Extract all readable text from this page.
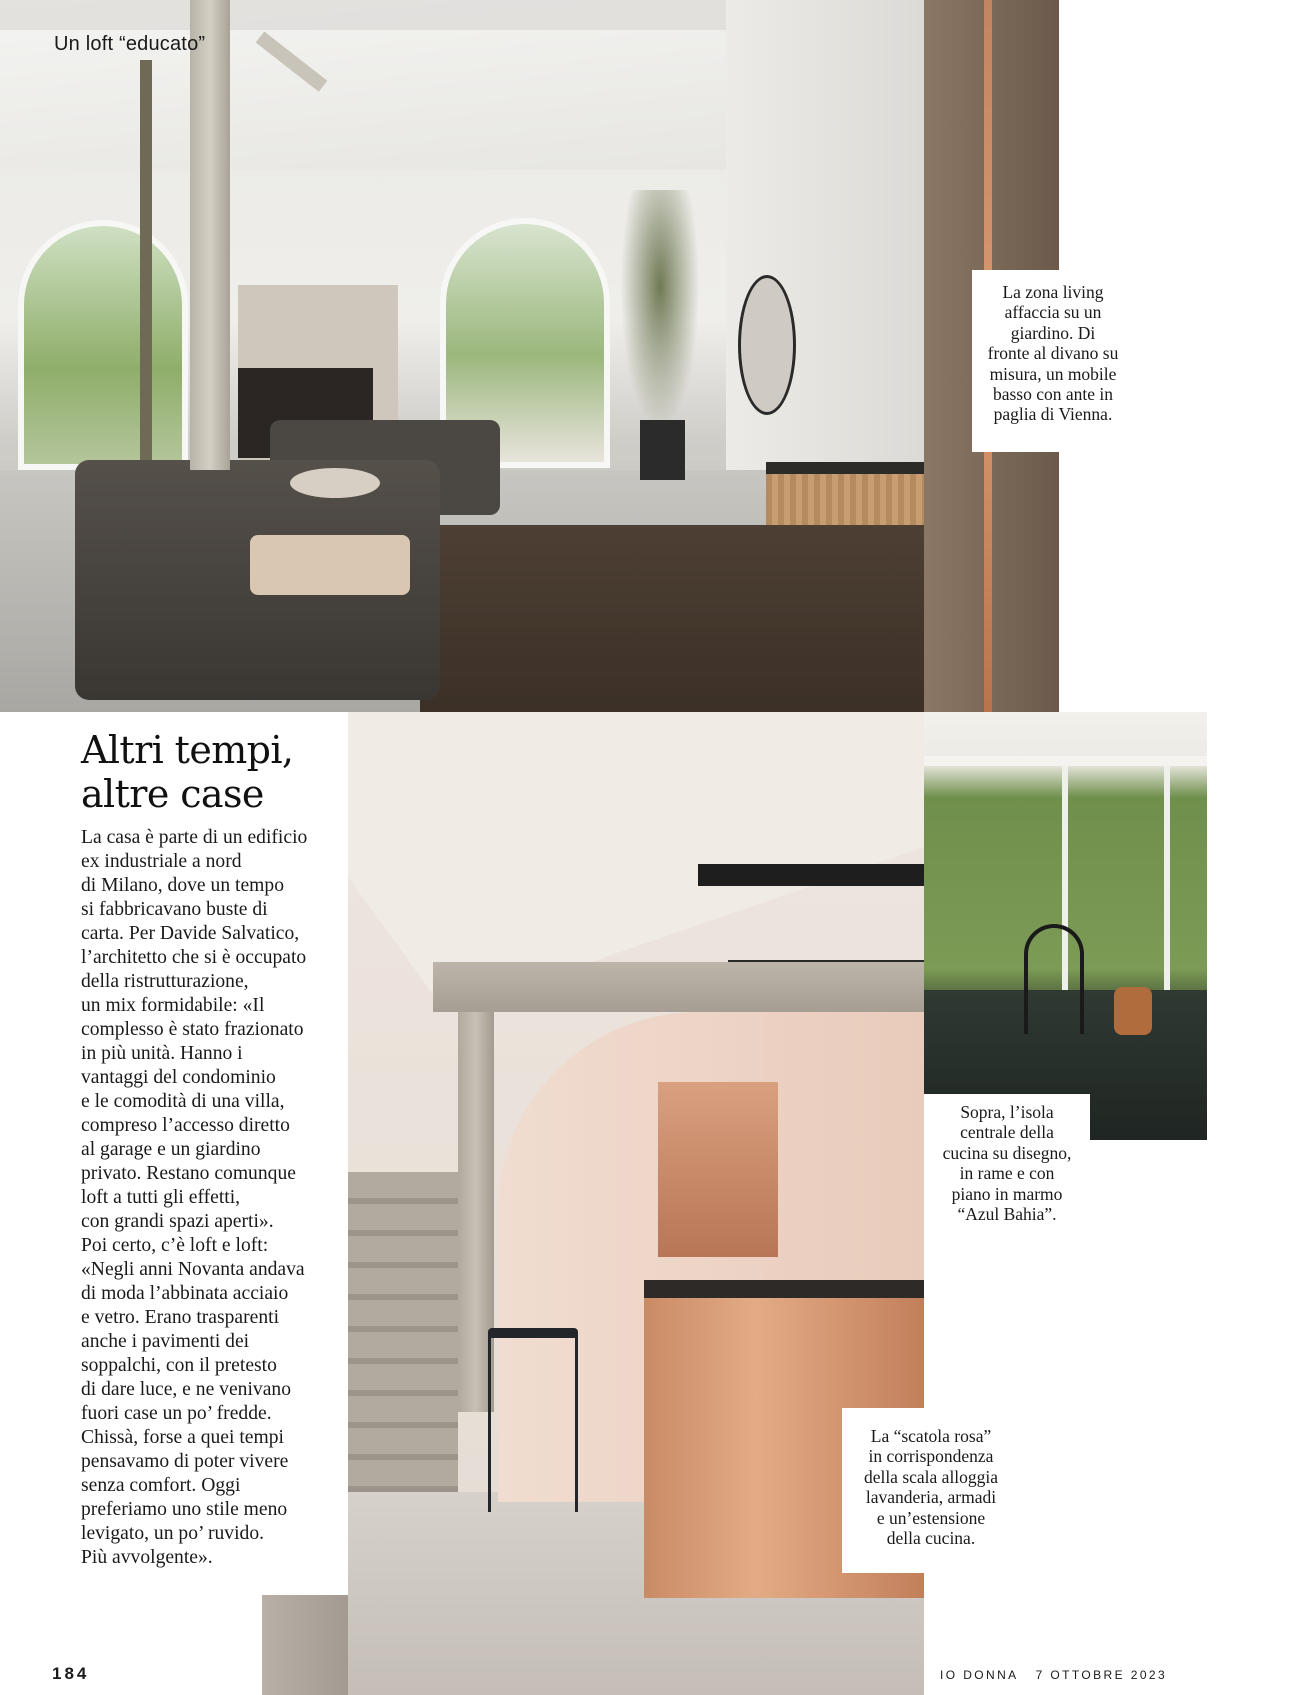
Un loft “educato”
La zona living
affaccia su un
giardino. Di
fronte al divano su
misura, un mobile
basso con ante in
paglia di Vienna.
Sopra, l’isola
centrale della
cucina su disegno,
in rame e con
piano in marmo
“Azul Bahia”.
La “scatola rosa”
in corrispondenza
della scala alloggia
lavanderia, armadi
e un’estensione
della cucina.
Altri tempi,
altre case
La casa è parte di un edificio
ex industriale a nord
di Milano, dove un tempo
si fabbricavano buste di
carta. Per Davide Salvatico,
l’architetto che si è occupato
della ristrutturazione,
un mix formidabile: «Il
complesso è stato frazionato
in più unità. Hanno i
vantaggi del condominio
e le comodità di una villa,
compreso l’accesso diretto
al garage e un giardino
privato. Restano comunque
loft a tutti gli effetti,
con grandi spazi aperti».
Poi certo, c’è loft e loft:
«Negli anni Novanta andava
di moda l’abbinata acciaio
e vetro. Erano trasparenti
anche i pavimenti dei
soppalchi, con il pretesto
di dare luce, e ne venivano
fuori case un po’ fredde.
Chissà, forse a quei tempi
pensavamo di poter vivere
senza comfort. Oggi
preferiamo uno stile meno
levigato, un po’ ruvido.
Più avvolgente».
184	IO DONNA 7 OTTOBRE 2023
